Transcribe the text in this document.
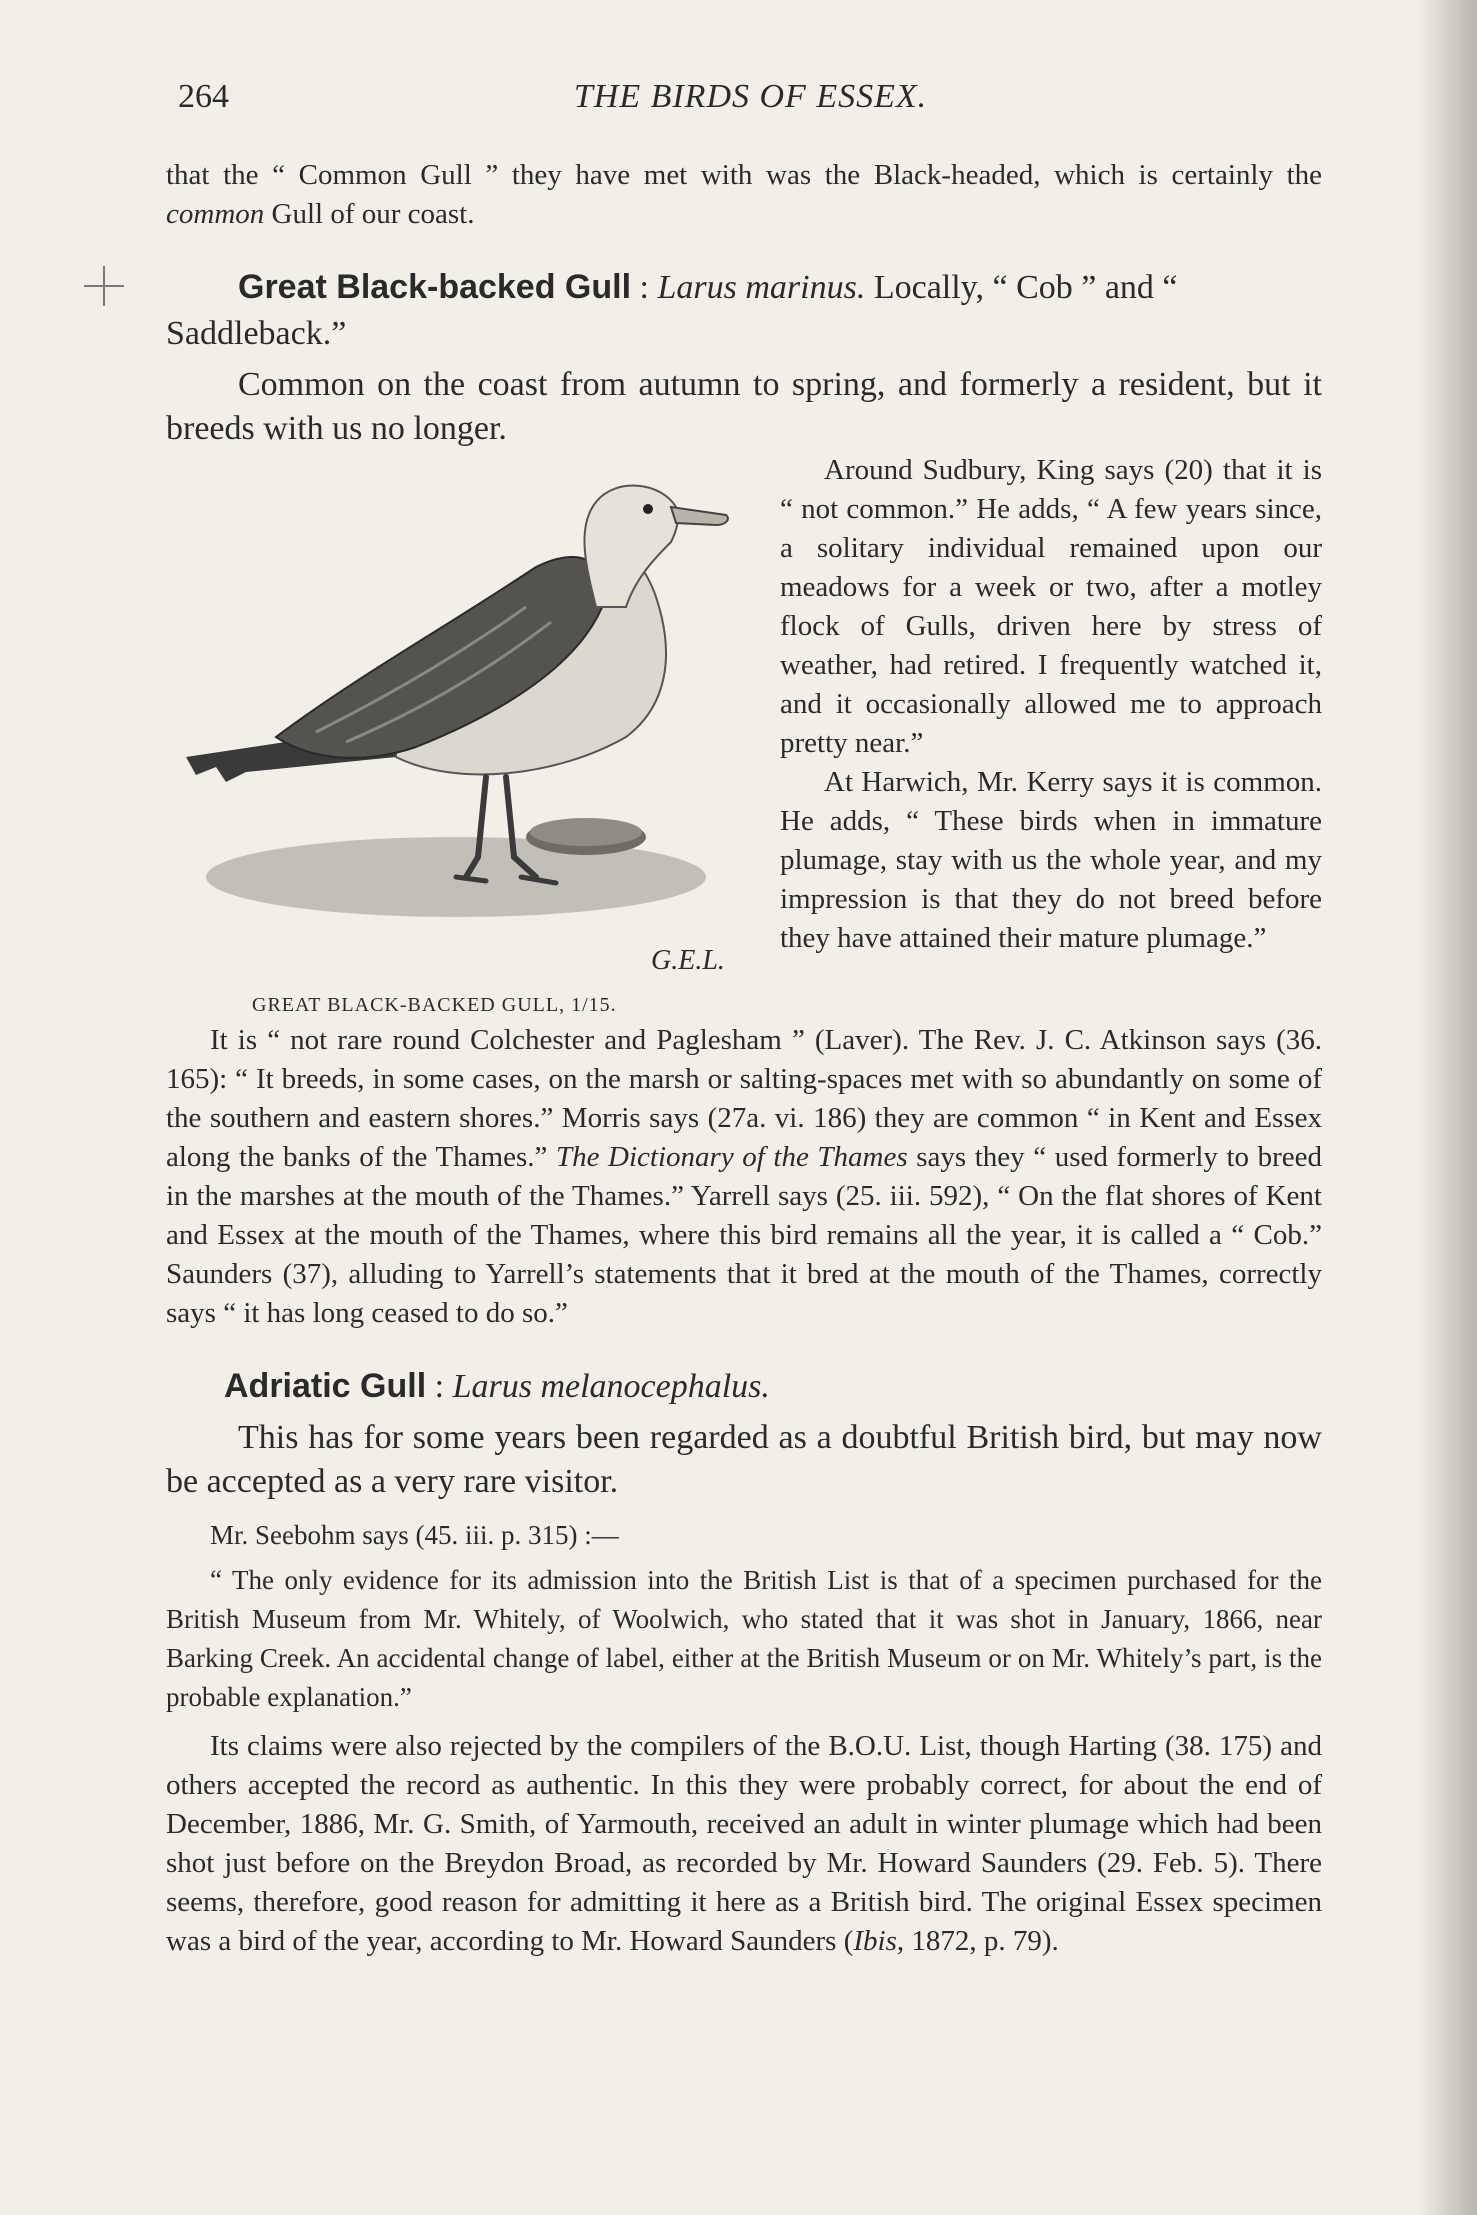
264	THE BIRDS OF ESSEX.

that the “ Common Gull ” they have met with was the Black-headed, which is certainly the common Gull of our coast.

Great Black-backed Gull : Larus marinus. Locally, “ Cob ” and “ Saddleback.”

Common on the coast from autumn to spring, and formerly a resident, but it breeds with us no longer.

G.E.L.
GREAT BLACK-BACKED GULL, 1/15.

Around Sudbury, King says (20) that it is “ not common.” He adds, “ A few years since, a solitary individual remained upon our meadows for a week or two, after a motley flock of Gulls, driven here by stress of weather, had retired. I frequently watched it, and it occasionally allowed me to approach pretty near.”

At Harwich, Mr. Kerry says it is common. He adds, “ These birds when in immature plumage, stay with us the whole year, and my impression is that they do not breed before they have attained their mature plumage.”

It is “ not rare round Colchester and Paglesham ” (Laver). The Rev. J. C. Atkinson says (36. 165): “ It breeds, in some cases, on the marsh or salting-spaces met with so abundantly on some of the southern and eastern shores.” Morris says (27a. vi. 186) they are common “ in Kent and Essex along the banks of the Thames.” The Dictionary of the Thames says they “ used formerly to breed in the marshes at the mouth of the Thames.” Yarrell says (25. iii. 592), “ On the flat shores of Kent and Essex at the mouth of the Thames, where this bird remains all the year, it is called a “ Cob.” Saunders (37), alluding to Yarrell’s statements that it bred at the mouth of the Thames, correctly says “ it has long ceased to do so.”

Adriatic Gull : Larus melanocephalus.

This has for some years been regarded as a doubtful British bird, but may now be accepted as a very rare visitor.

Mr. Seebohm says (45. iii. p. 315) :—

“ The only evidence for its admission into the British List is that of a specimen purchased for the British Museum from Mr. Whitely, of Woolwich, who stated that it was shot in January, 1866, near Barking Creek. An accidental change of label, either at the British Museum or on Mr. Whitely’s part, is the probable explanation.”

Its claims were also rejected by the compilers of the B.O.U. List, though Harting (38. 175) and others accepted the record as authentic. In this they were probably correct, for about the end of December, 1886, Mr. G. Smith, of Yarmouth, received an adult in winter plumage which had been shot just before on the Breydon Broad, as recorded by Mr. Howard Saunders (29. Feb. 5). There seems, therefore, good reason for admitting it here as a British bird. The original Essex specimen was a bird of the year, according to Mr. Howard Saunders (Ibis, 1872, p. 79).
